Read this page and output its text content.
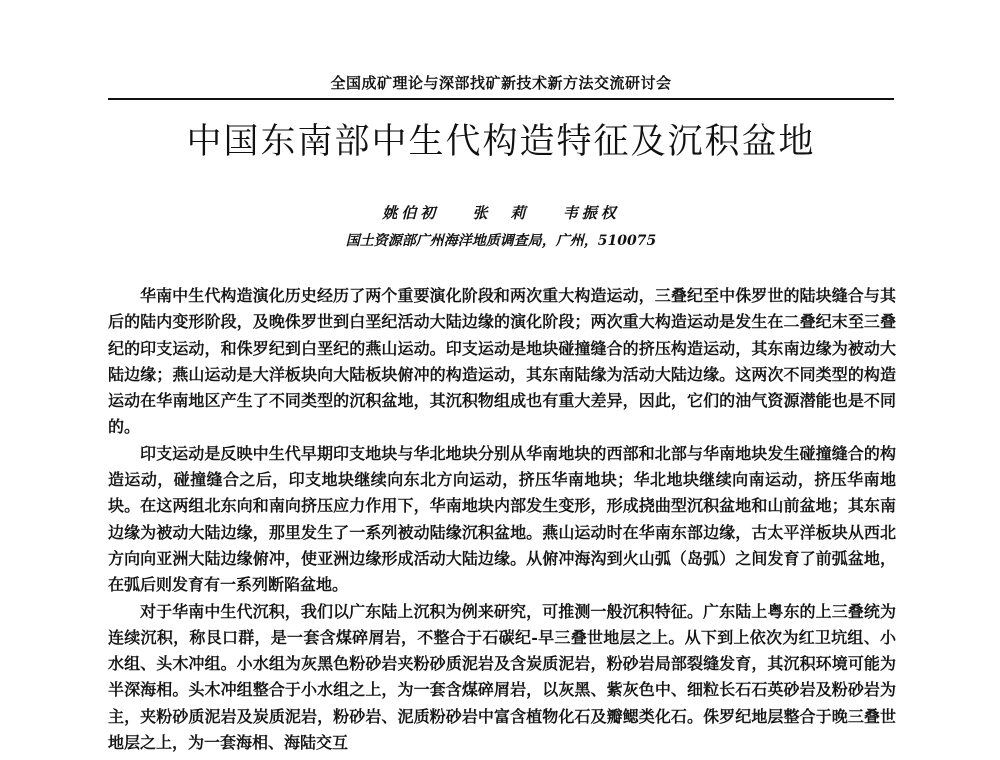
全国成矿理论与深部找矿新技术新方法交流研讨会
中国东南部中生代构造特征及沉积盆地
姚伯初 张　莉 韦振权
国土资源部广州海洋地质调查局，广州，510075

华南中生代构造演化历史经历了两个重要演化阶段和两次重大构造运动，三叠纪至中侏罗世的陆块缝合与其后的陆内变形阶段，及晚侏罗世到白垩纪活动大陆边缘的演化阶段；两次重大构造运动是发生在二叠纪末至三叠纪的印支运动，和侏罗纪到白垩纪的燕山运动。印支运动是地块碰撞缝合的挤压构造运动，其东南边缘为被动大陆边缘；燕山运动是大洋板块向大陆板块俯冲的构造运动，其东南陆缘为活动大陆边缘。这两次不同类型的构造运动在华南地区产生了不同类型的沉积盆地，其沉积物组成也有重大差异，因此，它们的油气资源潜能也是不同的。

印支运动是反映中生代早期印支地块与华北地块分别从华南地块的西部和北部与华南地块发生碰撞缝合的构造运动，碰撞缝合之后，印支地块继续向东北方向运动，挤压华南地块；华北地块继续向南运动，挤压华南地块。在这两组北东向和南向挤压应力作用下，华南地块内部发生变形，形成挠曲型沉积盆地和山前盆地；其东南边缘为被动大陆边缘，那里发生了一系列被动陆缘沉积盆地。燕山运动时在华南东部边缘，古太平洋板块从西北方向向亚洲大陆边缘俯冲，使亚洲边缘形成活动大陆边缘。从俯冲海沟到火山弧（岛弧）之间发育了前弧盆地，在弧后则发育有一系列断陷盆地。

对于华南中生代沉积，我们以广东陆上沉积为例来研究，可推测一般沉积特征。广东陆上粤东的上三叠统为连续沉积，称艮口群，是一套含煤碎屑岩，不整合于石碳纪-早三叠世地层之上。从下到上依次为红卫坑组、小水组、头木冲组。小水组为灰黑色粉砂岩夹粉砂质泥岩及含炭质泥岩，粉砂岩局部裂缝发育，其沉积环境可能为半深海相。头木冲组整合于小水组之上，为一套含煤碎屑岩，以灰黑、紫灰色中、细粒长石石英砂岩及粉砂岩为主，夹粉砂质泥岩及炭质泥岩，粉砂岩、泥质粉砂岩中富含植物化石及瓣鳃类化石。侏罗纪地层整合于晚三叠世地层之上，为一套海相、海陆交互
